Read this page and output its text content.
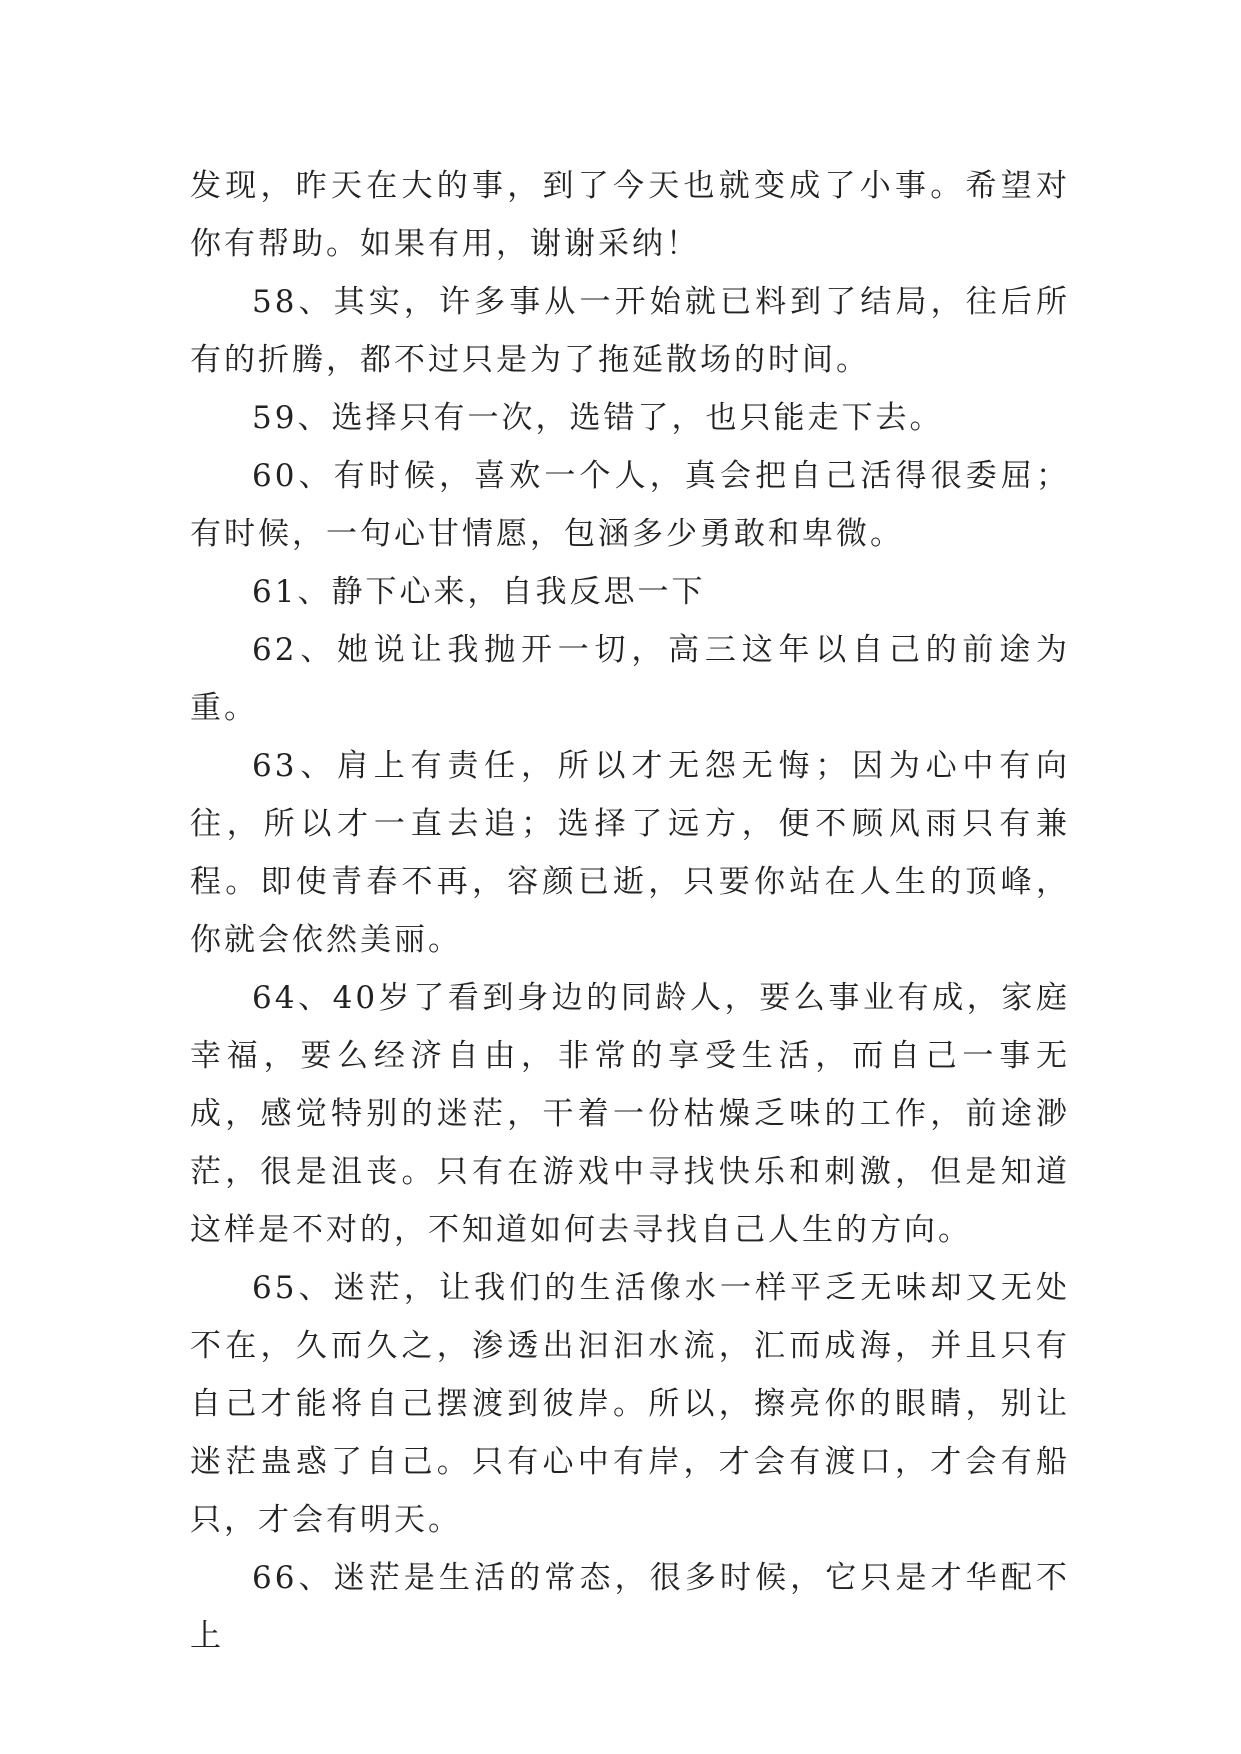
发现，昨天在大的事，到了今天也就变成了小事。希望对你有帮助。如果有用，谢谢采纳！

58、其实，许多事从一开始就已料到了结局，往后所有的折腾，都不过只是为了拖延散场的时间。

59、选择只有一次，选错了，也只能走下去。

60、有时候，喜欢一个人，真会把自己活得很委屈；有时候，一句心甘情愿，包涵多少勇敢和卑微。

61、静下心来，自我反思一下

62、她说让我抛开一切，高三这年以自己的前途为重。

63、肩上有责任，所以才无怨无悔；因为心中有向往，所以才一直去追；选择了远方，便不顾风雨只有兼程。即使青春不再，容颜已逝，只要你站在人生的顶峰，你就会依然美丽。

64、40岁了看到身边的同龄人，要么事业有成，家庭幸福，要么经济自由，非常的享受生活，而自己一事无成，感觉特别的迷茫，干着一份枯燥乏味的工作，前途渺茫，很是沮丧。只有在游戏中寻找快乐和刺激，但是知道这样是不对的，不知道如何去寻找自己人生的方向。

65、迷茫，让我们的生活像水一样平乏无味却又无处不在，久而久之，渗透出汩汩水流，汇而成海，并且只有自己才能将自己摆渡到彼岸。所以，擦亮你的眼睛，别让迷茫蛊惑了自己。只有心中有岸，才会有渡口，才会有船只，才会有明天。

66、迷茫是生活的常态，很多时候，它只是才华配不上
